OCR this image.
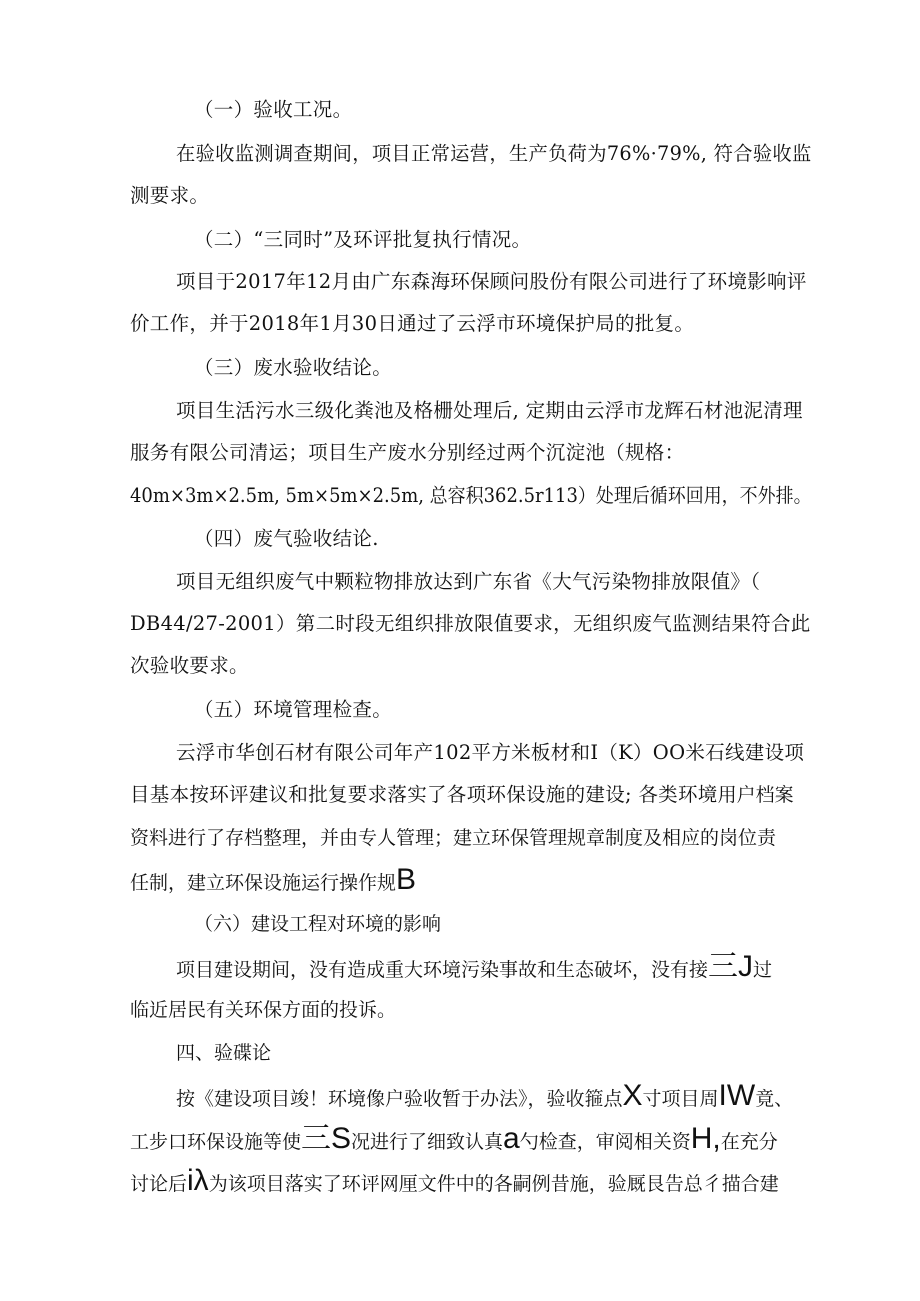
（一）验收工况。
在验收监测调查期间，项目正常运营，生产负荷为76%·79%, 符合验收监
测要求。
（二）“三同时”及环评批复执行情况。
项目于2017年12月由广东森海环保顾问股份有限公司进行了环境影响评
价工作，并于2018年1月30日通过了云浮市环境保护局的批复。
（三）废水验收结论。
项目生活污水三级化粪池及格栅处理后, 定期由云浮市龙辉石材池泥清理
服务有限公司清运；项目生产废水分别经过两个沉淀池（规格：
40m×3m×2.5m, 5m×5m×2.5m, 总容积362.5r113）处理后循环回用，不外排。
（四）废气验收结论.
项目无组织废气中颗粒物排放达到广东省《大气污染物排放限值》（
DB44/27-2001）第二时段无组织排放限值要求，无组织废气监测结果符合此
次验收要求。
（五）环境管理检查。
云浮市华创石材有限公司年产102平方米板材和I（K）OO米石线建设项
目基本按环评建议和批复要求落实了各项环保设施的建设; 各类环境用户档案
资料进行了存档整理，并由专人管理；建立环保管理规章制度及相应的岗位责
任制，建立环保设施运行操作规B
（六）建设工程对环境的影响
项目建设期间，没有造成重大环境污染事故和生态破坏，没有接三J过
临近居民有关环保方面的投诉。
四、验碟论
按《建设项目竣！环境像户验收暂于办法》，验收箍点X寸项目周IW竟、
工步口环保设施等使三S况进行了细致认真a勺检查，审阅相关资H,在充分
讨论后iλ为该项目落实了环评网厘文件中的各嗣例昔施，验厩艮告总彳描合建
